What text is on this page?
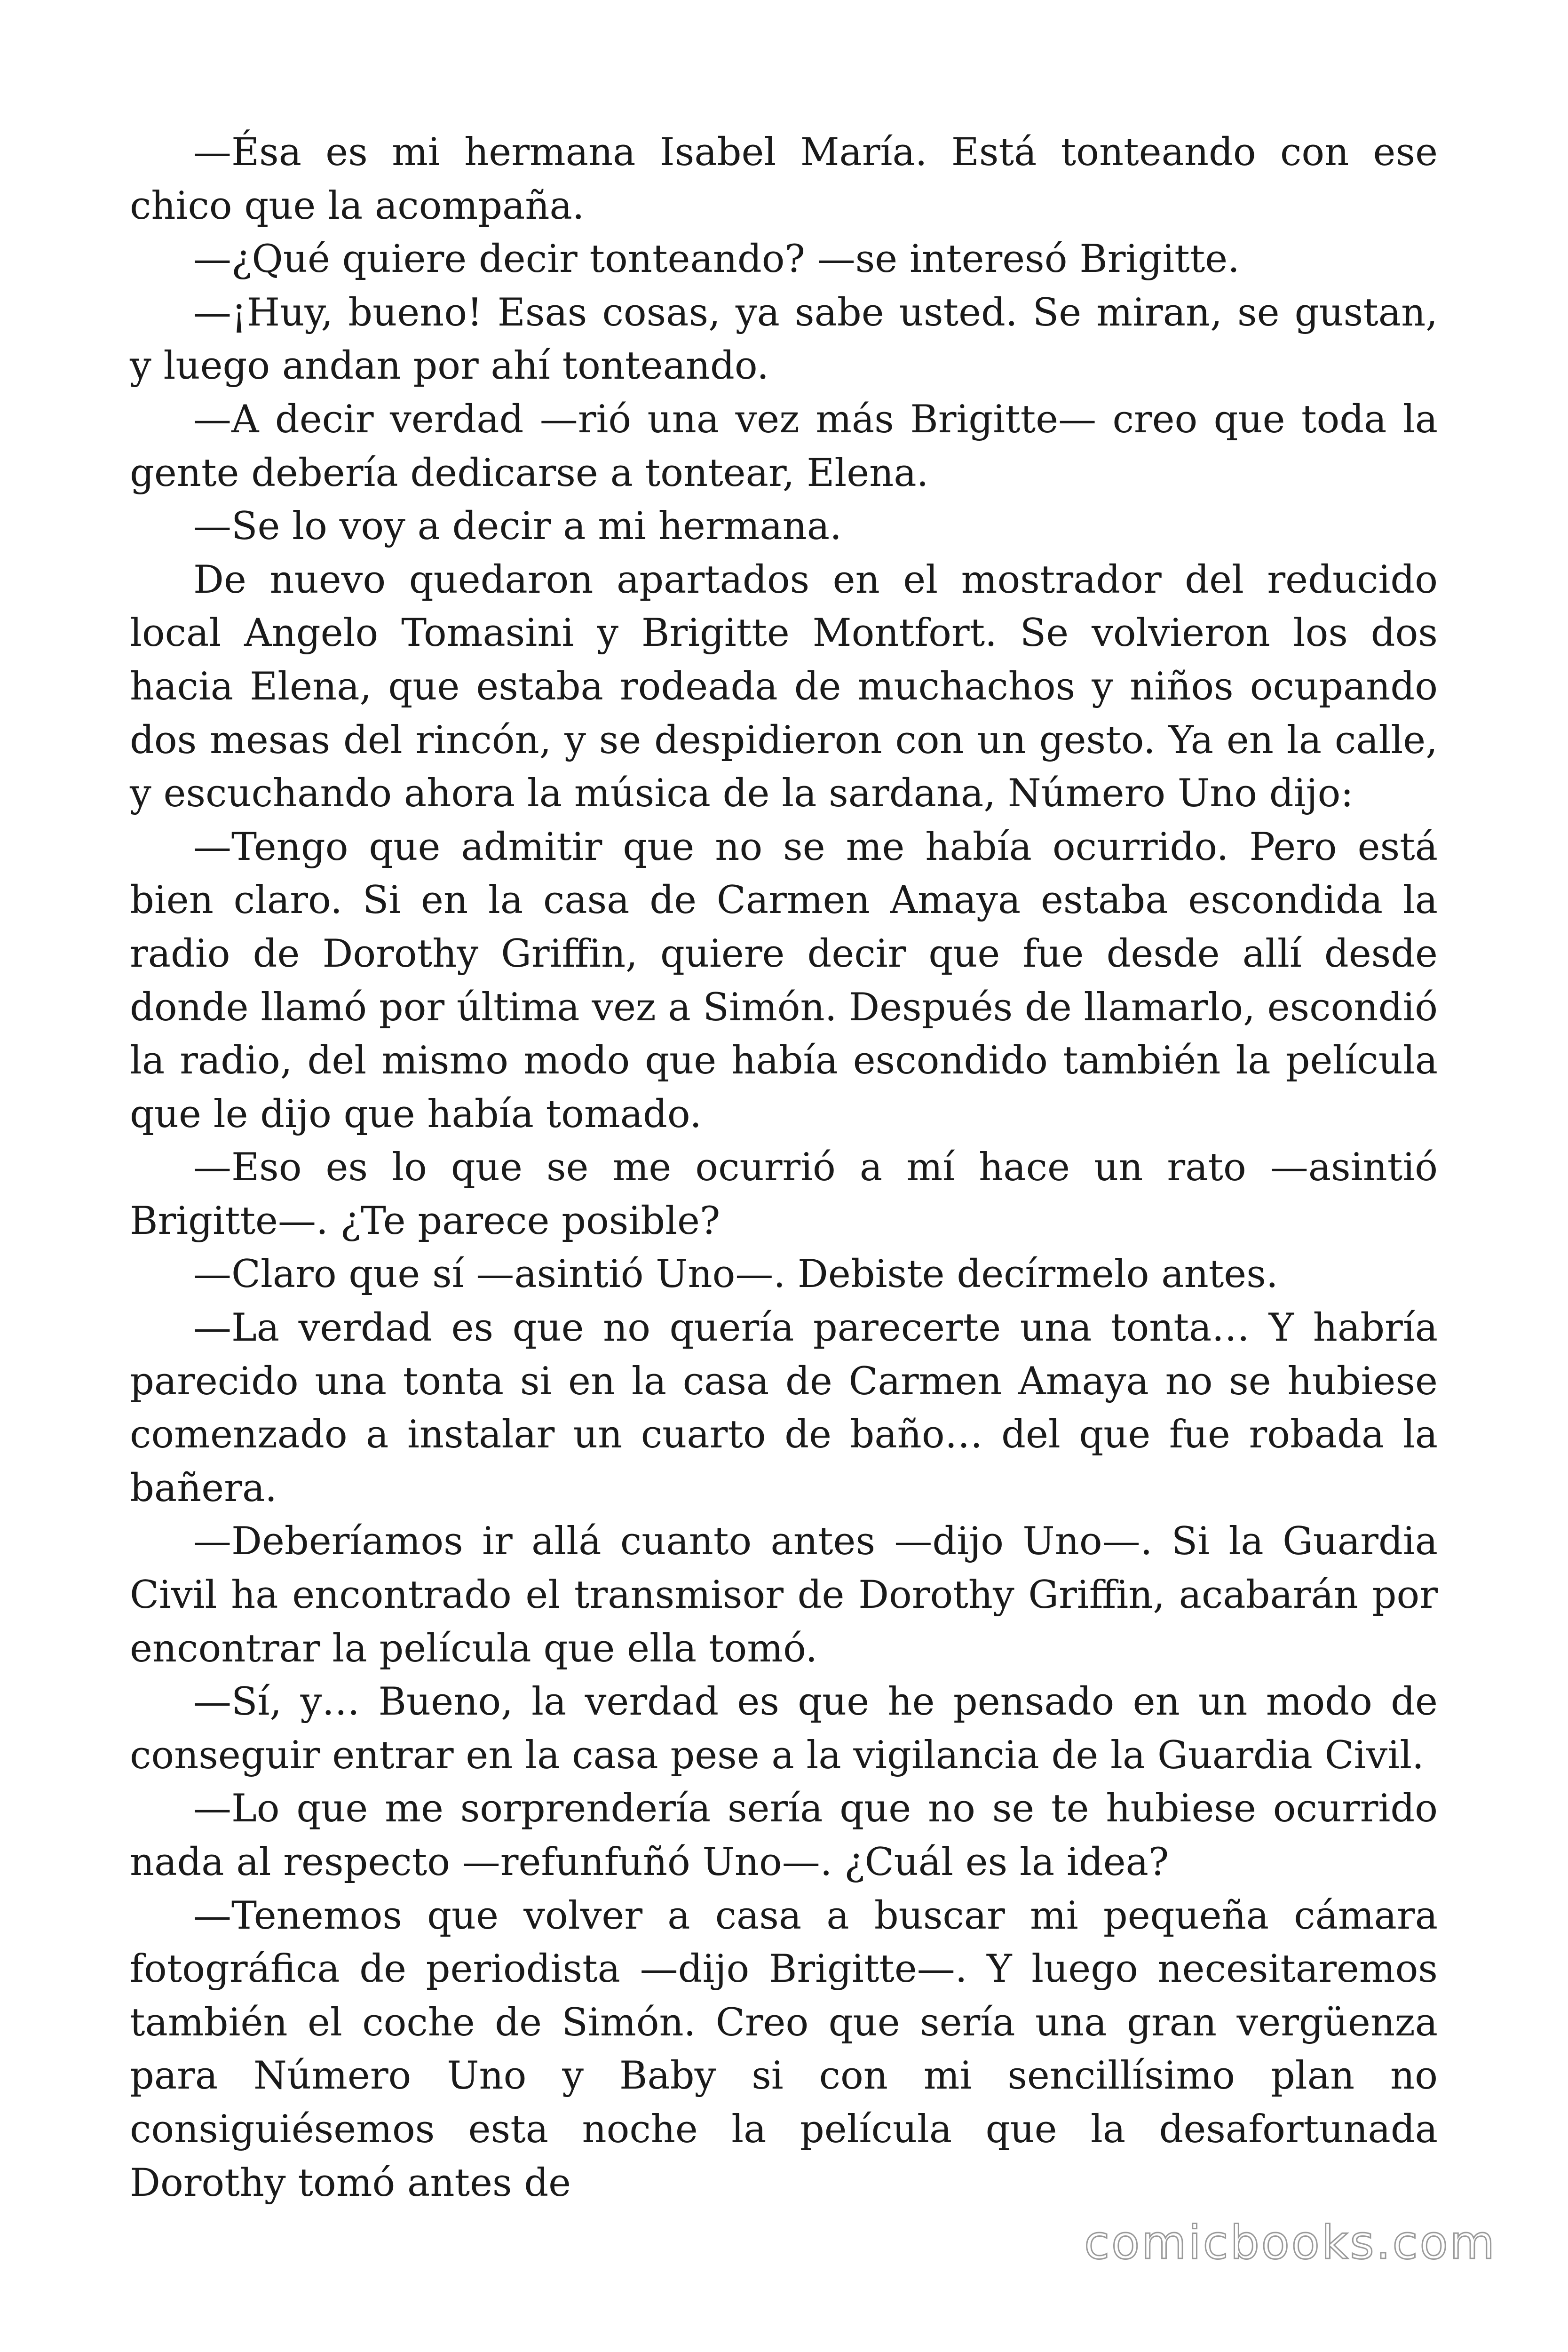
—Ésa es mi hermana Isabel María. Está tonteando con ese chico que la acompaña.

—¿Qué quiere decir tonteando? —se interesó Brigitte.

—¡Huy, bueno! Esas cosas, ya sabe usted. Se miran, se gustan, y luego andan por ahí tonteando.

—A decir verdad —rió una vez más Brigitte— creo que toda la gente debería dedicarse a tontear, Elena.

—Se lo voy a decir a mi hermana.

De nuevo quedaron apartados en el mostrador del reducido local Angelo Tomasini y Brigitte Montfort. Se volvieron los dos hacia Elena, que estaba rodeada de muchachos y niños ocupando dos mesas del rincón, y se despidieron con un gesto. Ya en la calle, y escuchando ahora la música de la sardana, Número Uno dijo:

—Tengo que admitir que no se me había ocurrido. Pero está bien claro. Si en la casa de Carmen Amaya estaba escondida la radio de Dorothy Griffin, quiere decir que fue desde allí desde donde llamó por última vez a Simón. Después de llamarlo, escondió la radio, del mismo modo que había escondido también la película que le dijo que había tomado.

—Eso es lo que se me ocurrió a mí hace un rato —asintió Brigitte—. ¿Te parece posible?

—Claro que sí —asintió Uno—. Debiste decírmelo antes.

—La verdad es que no quería parecerte una tonta… Y habría parecido una tonta si en la casa de Carmen Amaya no se hubiese comenzado a instalar un cuarto de baño… del que fue robada la bañera.

—Deberíamos ir allá cuanto antes —dijo Uno—. Si la Guardia Civil ha encontrado el transmisor de Dorothy Griffin, acabarán por encontrar la película que ella tomó.

—Sí, y… Bueno, la verdad es que he pensado en un modo de conseguir entrar en la casa pese a la vigilancia de la Guardia Civil.

—Lo que me sorprendería sería que no se te hubiese ocurrido nada al respecto —refunfuñó Uno—. ¿Cuál es la idea?

—Tenemos que volver a casa a buscar mi pequeña cámara fotográfica de periodista —dijo Brigitte—. Y luego necesitaremos también el coche de Simón. Creo que sería una gran vergüenza para Número Uno y Baby si con mi sencillísimo plan no consiguiésemos esta noche la película que la desafortunada Dorothy tomó antes de

comicbooks.com
